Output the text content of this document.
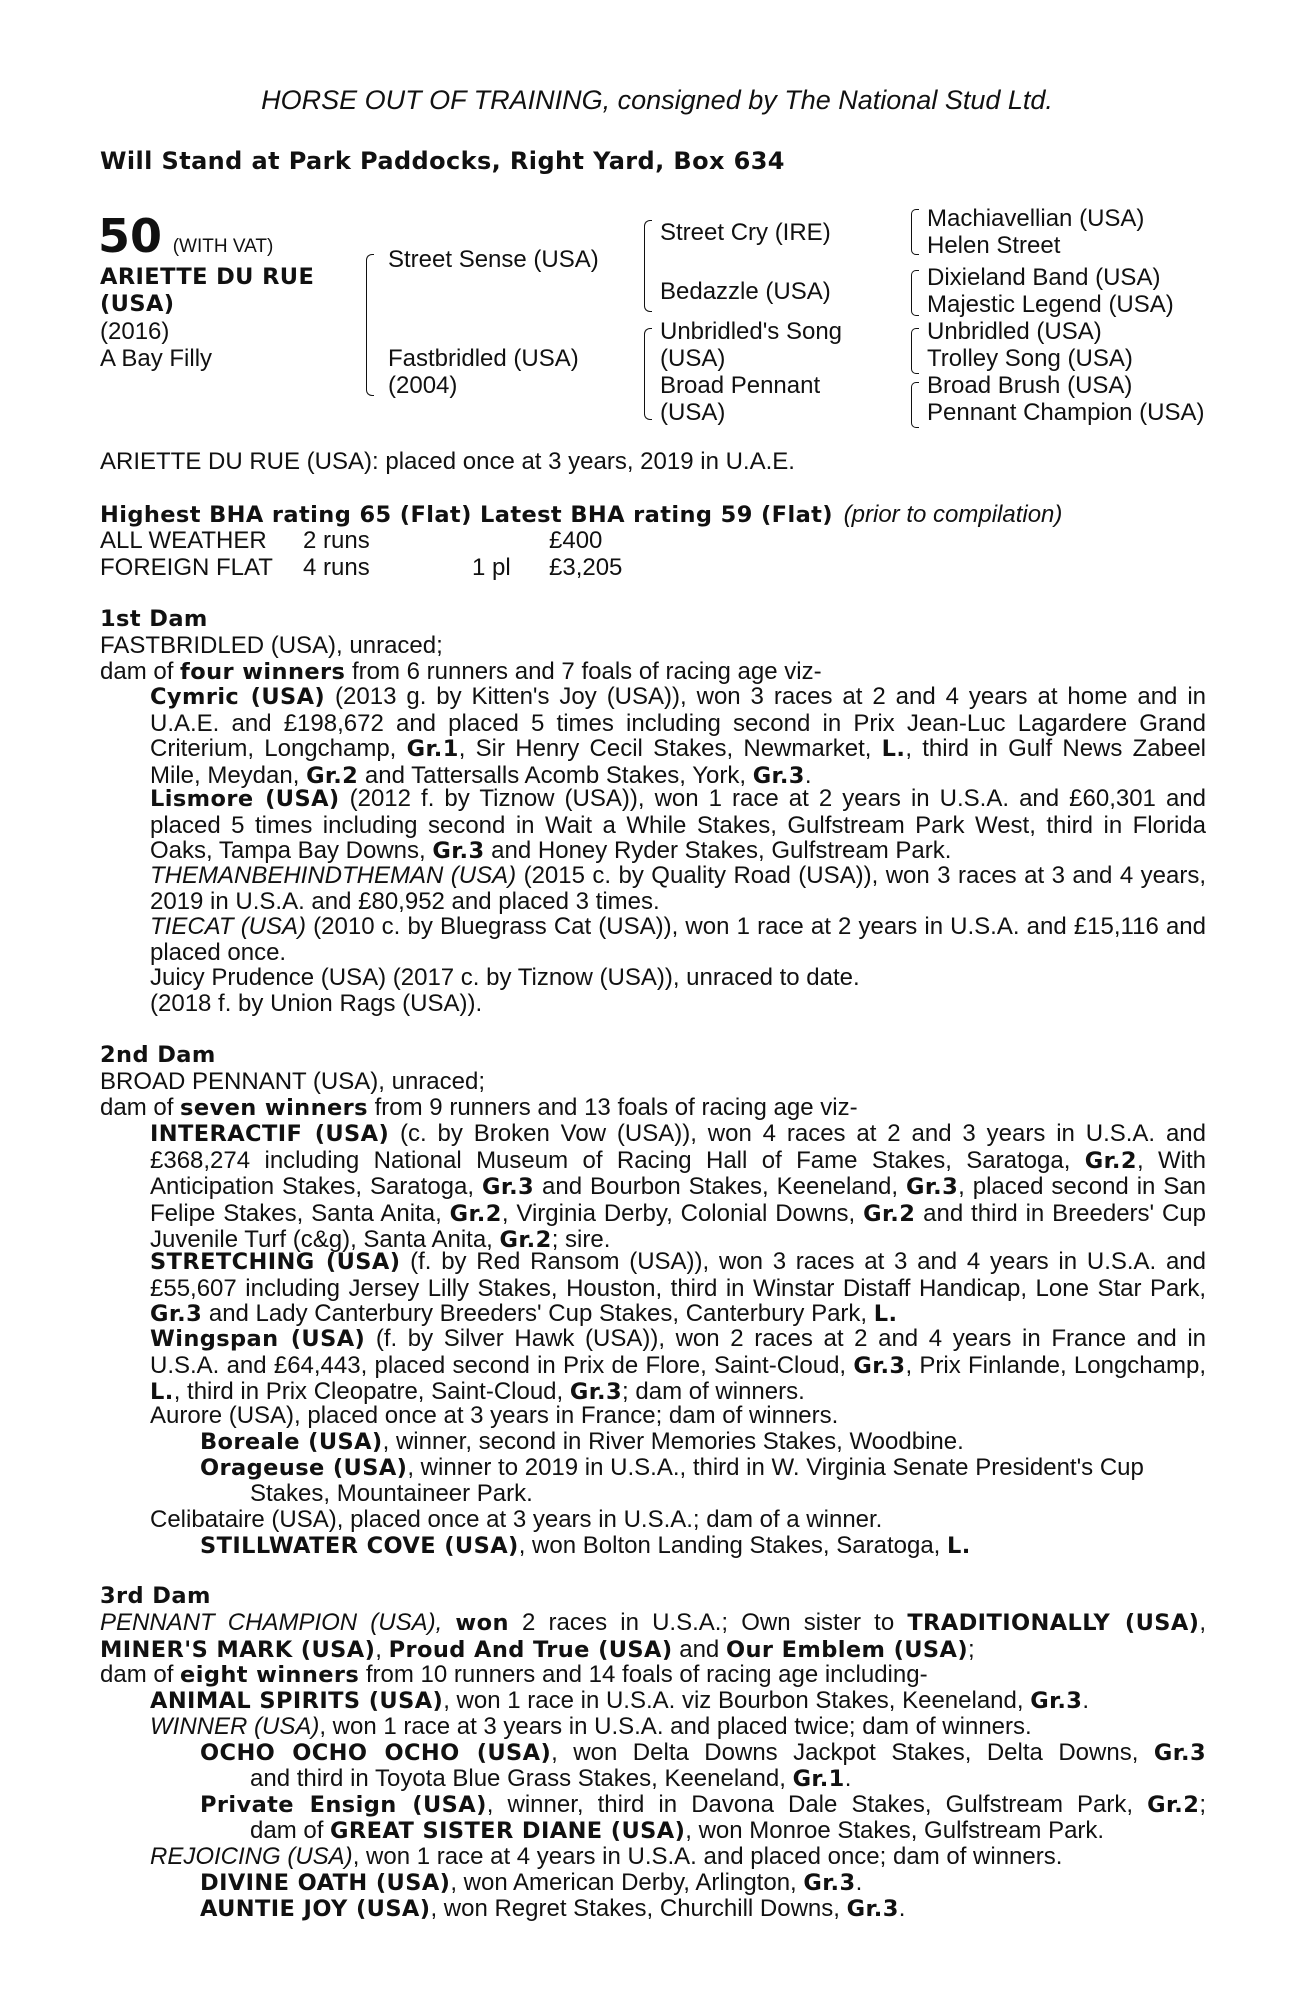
HORSE OUT OF TRAINING, consigned by The National Stud Ltd.
Will Stand at Park Paddocks, Right Yard, Box 634
50 (WITH VAT)
ARIETTE DU RUE
(USA)
(2016)
A Bay Filly
Street Sense (USA)
Fastbridled (USA)
(2004)
Street Cry (IRE)
Bedazzle (USA)
Unbridled's Song
(USA)
Broad Pennant
(USA)
Machiavellian (USA)
Helen Street
Dixieland Band (USA)
Majestic Legend (USA)
Unbridled (USA)
Trolley Song (USA)
Broad Brush (USA)
Pennant Champion (USA)
ARIETTE DU RUE (USA): placed once at 3 years, 2019 in U.A.E.
Highest BHA rating 65 (Flat) Latest BHA rating 59 (Flat) (prior to compilation)
ALL WEATHER 2 runs	£400
FOREIGN FLAT 4 runs	1 pl £3,205
1st Dam
FASTBRIDLED (USA), unraced;
dam of four winners from 6 runners and 7 foals of racing age viz-
Cymric (USA) (2013 g. by Kitten's Joy (USA)), won 3 races at 2 and 4 years at home and in U.A.E. and £198,672 and placed 5 times including second in Prix Jean-Luc Lagardere Grand Criterium, Longchamp, Gr.1, Sir Henry Cecil Stakes, Newmarket, L., third in Gulf News Zabeel Mile, Meydan, Gr.2 and Tattersalls Acomb Stakes, York, Gr.3.
Lismore (USA) (2012 f. by Tiznow (USA)), won 1 race at 2 years in U.S.A. and £60,301 and placed 5 times including second in Wait a While Stakes, Gulfstream Park West, third in Florida Oaks, Tampa Bay Downs, Gr.3 and Honey Ryder Stakes, Gulfstream Park.
THEMANBEHINDTHEMAN (USA) (2015 c. by Quality Road (USA)), won 3 races at 3 and 4 years, 2019 in U.S.A. and £80,952 and placed 3 times.
TIECAT (USA) (2010 c. by Bluegrass Cat (USA)), won 1 race at 2 years in U.S.A. and £15,116 and placed once.
Juicy Prudence (USA) (2017 c. by Tiznow (USA)), unraced to date.
(2018 f. by Union Rags (USA)).
2nd Dam
BROAD PENNANT (USA), unraced;
dam of seven winners from 9 runners and 13 foals of racing age viz-
INTERACTIF (USA) (c. by Broken Vow (USA)), won 4 races at 2 and 3 years in U.S.A. and £368,274 including National Museum of Racing Hall of Fame Stakes, Saratoga, Gr.2, With Anticipation Stakes, Saratoga, Gr.3 and Bourbon Stakes, Keeneland, Gr.3, placed second in San Felipe Stakes, Santa Anita, Gr.2, Virginia Derby, Colonial Downs, Gr.2 and third in Breeders' Cup Juvenile Turf (c&g), Santa Anita, Gr.2; sire.
STRETCHING (USA) (f. by Red Ransom (USA)), won 3 races at 3 and 4 years in U.S.A. and £55,607 including Jersey Lilly Stakes, Houston, third in Winstar Distaff Handicap, Lone Star Park, Gr.3 and Lady Canterbury Breeders' Cup Stakes, Canterbury Park, L.
Wingspan (USA) (f. by Silver Hawk (USA)), won 2 races at 2 and 4 years in France and in U.S.A. and £64,443, placed second in Prix de Flore, Saint-Cloud, Gr.3, Prix Finlande, Longchamp, L., third in Prix Cleopatre, Saint-Cloud, Gr.3; dam of winners.
Aurore (USA), placed once at 3 years in France; dam of winners.
Boreale (USA), winner, second in River Memories Stakes, Woodbine.
Orageuse (USA), winner to 2019 in U.S.A., third in W. Virginia Senate President's Cup
Stakes, Mountaineer Park.
Celibataire (USA), placed once at 3 years in U.S.A.; dam of a winner.
STILLWATER COVE (USA), won Bolton Landing Stakes, Saratoga, L.
3rd Dam
PENNANT CHAMPION (USA), won 2 races in U.S.A.; Own sister to TRADITIONALLY (USA), MINER'S MARK (USA), Proud And True (USA) and Our Emblem (USA);
dam of eight winners from 10 runners and 14 foals of racing age including-
ANIMAL SPIRITS (USA), won 1 race in U.S.A. viz Bourbon Stakes, Keeneland, Gr.3.
WINNER (USA), won 1 race at 3 years in U.S.A. and placed twice; dam of winners.
OCHO OCHO OCHO (USA), won Delta Downs Jackpot Stakes, Delta Downs, Gr.3
and third in Toyota Blue Grass Stakes, Keeneland, Gr.1.
Private Ensign (USA), winner, third in Davona Dale Stakes, Gulfstream Park, Gr.2;
dam of GREAT SISTER DIANE (USA), won Monroe Stakes, Gulfstream Park.
REJOICING (USA), won 1 race at 4 years in U.S.A. and placed once; dam of winners.
DIVINE OATH (USA), won American Derby, Arlington, Gr.3.
AUNTIE JOY (USA), won Regret Stakes, Churchill Downs, Gr.3.
